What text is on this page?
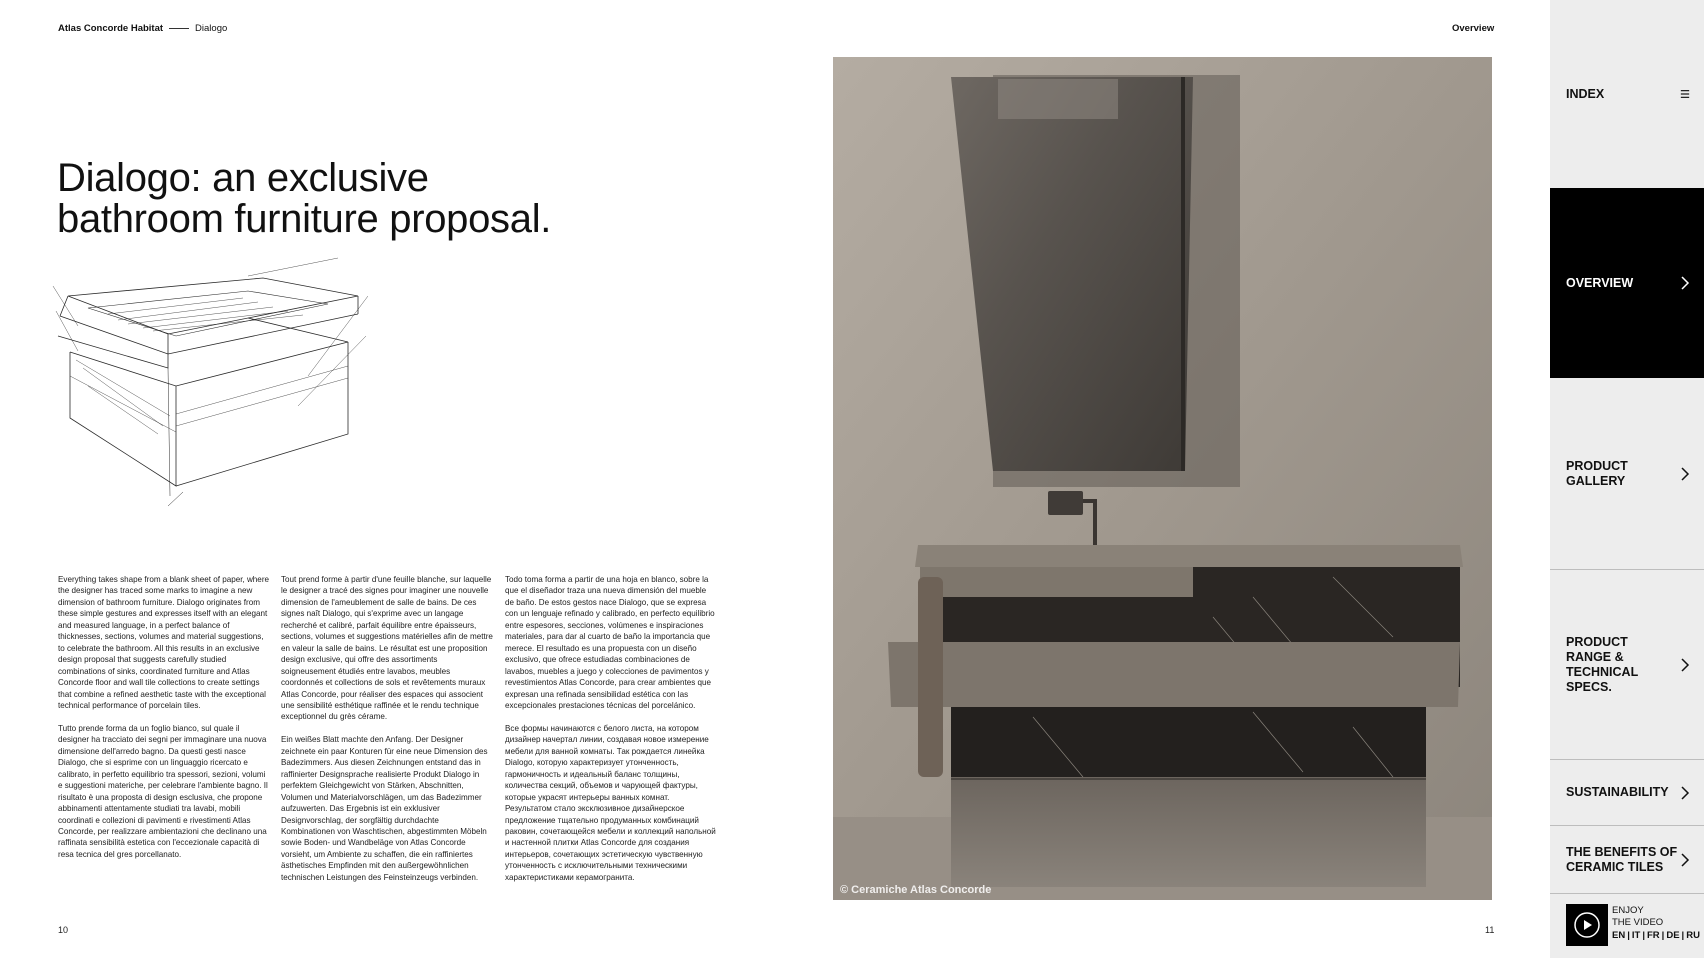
Atlas Concorde Habitat	Dialogo	Overview
Dialogo: an exclusive
bathroom furniture proposal.

Everything takes shape from a blank sheet of paper, where the designer has traced some marks to imagine a new dimension of bathroom furniture. Dialogo originates from these simple gestures and expresses itself with an elegant and measured language, in a perfect balance of thicknesses, sections, volumes and material suggestions, to celebrate the bathroom. All this results in an exclusive design proposal that suggests carefully studied combinations of sinks, coordinated furniture and Atlas Concorde floor and wall tile collections to create settings that combine a refined aesthetic taste with the exceptional technical performance of porcelain tiles.

Tutto prende forma da un foglio bianco, sul quale il designer ha tracciato dei segni per immaginare una nuova dimensione dell'arredo bagno. Da questi gesti nasce Dialogo, che si esprime con un linguaggio ricercato e calibrato, in perfetto equilibrio tra spessori, sezioni, volumi e suggestioni materiche, per celebrare l'ambiente bagno. Il risultato è una proposta di design esclusiva, che propone abbinamenti attentamente studiati tra lavabi, mobili coordinati e collezioni di pavimenti e rivestimenti Atlas Concorde, per realizzare ambientazioni che declinano una raffinata sensibilità estetica con l'eccezionale capacità di resa tecnica del gres porcellanato.

Tout prend forme à partir d'une feuille blanche, sur laquelle le designer a tracé des signes pour imaginer une nouvelle dimension de l'ameublement de salle de bains. De ces signes naît Dialogo, qui s'exprime avec un langage recherché et calibré, parfait équilibre entre épaisseurs, sections, volumes et suggestions matérielles afin de mettre en valeur la salle de bains. Le résultat est une proposition design exclusive, qui offre des assortiments soigneusement étudiés entre lavabos, meubles coordonnés et collections de sols et revêtements muraux Atlas Concorde, pour réaliser des espaces qui associent une sensibilité esthétique raffinée et le rendu technique exceptionnel du grès cérame.

Ein weißes Blatt machte den Anfang. Der Designer zeichnete ein paar Konturen für eine neue Dimension des Badezimmers. Aus diesen Zeichnungen entstand das in raffinierter Designsprache realisierte Produkt Dialogo in perfektem Gleichgewicht von Stärken, Abschnitten, Volumen und Materialvorschlägen, um das Badezimmer aufzuwerten. Das Ergebnis ist ein exklusiver Designvorschlag, der sorgfältig durchdachte Kombinationen von Waschtischen, abgestimmten Möbeln sowie Boden- und Wandbeläge von Atlas Concorde vorsieht, um Ambiente zu schaffen, die ein raffiniertes ästhetisches Empfinden mit den außergewöhnlichen technischen Leistungen des Feinsteinzeugs verbinden.

Todo toma forma a partir de una hoja en blanco, sobre la que el diseñador traza una nueva dimensión del mueble de baño. De estos gestos nace Dialogo, que se expresa con un lenguaje refinado y calibrado, en perfecto equilibrio entre espesores, secciones, volúmenes e inspiraciones materiales, para dar al cuarto de baño la importancia que merece. El resultado es una propuesta con un diseño exclusivo, que ofrece estudiadas combinaciones de lavabos, muebles a juego y colecciones de pavimentos y revestimientos Atlas Concorde, para crear ambientes que expresan una refinada sensibilidad estética con las excepcionales prestaciones técnicas del porcelánico.

Все формы начинаются с белого листа, на котором дизайнер начертал линии, создавая новое измерение мебели для ванной комнаты. Так рождается линейка Dialogo, которую характеризует утонченность, гармоничность и идеальный баланс толщины, количества секций, объемов и чарующей фактуры, которые украсят интерьеры ванных комнат. Результатом стало эксклюзивное дизайнерское предложение тщательно продуманных комбинаций раковин, сочетающейся мебели и коллекций напольной и настенной плитки Atlas Concorde для создания интерьеров, сочетающих эстетическую чувственную утонченность с исключительными техническими характеристиками керамогранита.

10	11
© Ceramiche Atlas Concorde
INDEX
OVERVIEW
PRODUCT
GALLERY
PRODUCT
RANGE &
TECHNICAL
SPECS.
SUSTAINABILITY
THE BENEFITS OF
CERAMIC TILES
ENJOY
THE VIDEO
EN | IT | FR | DE | RU
